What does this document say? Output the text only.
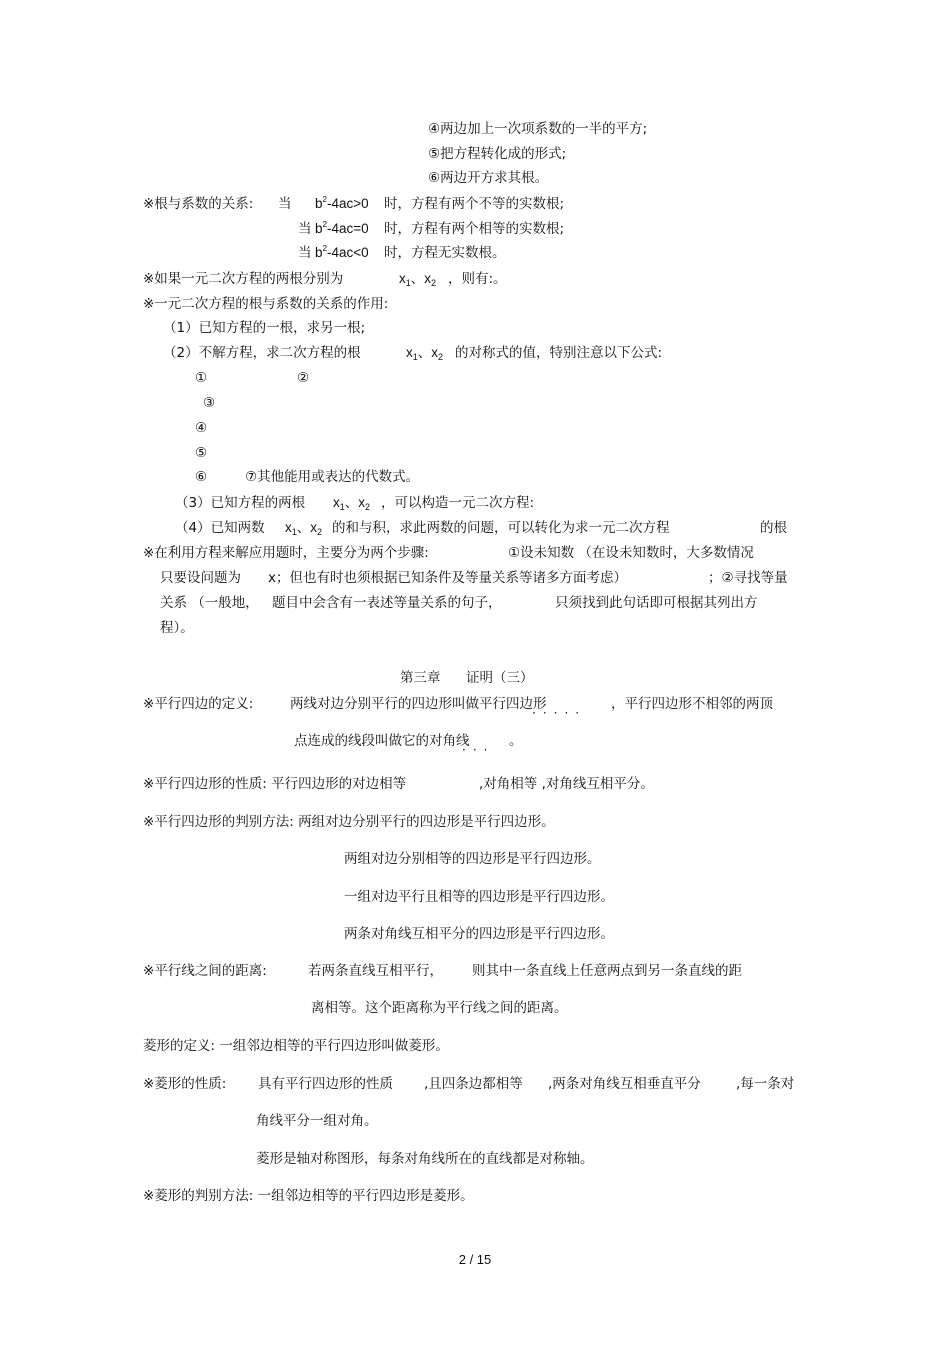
④两边加上一次项系数的一半的平方;
⑤把方程转化成的形式;
⑥两边开方求其根。
※根与系数的关系: 当 $b^2-4ac>0$ 时，方程有两个不等的实数根;
当 $b^2-4ac=0$ 时，方程有两个相等的实数根;
当 $b^2-4ac<0$ 时，方程无实数根。
※如果一元二次方程的两根分别为	$x_1$、$x_2$ ，则有:。
※一元二次方程的根与系数的关系的作用:
（1）已知方程的一根，求另一根;
（2）不解方程，求二次方程的根	$x_1$、$x_2$ 的对称式的值，特别注意以下公式:
①	②
③
④
⑤
⑥	⑦其他能用或表达的代数式。
（3）已知方程的两根 $x_1$、$x_2$ ，可以构造一元二次方程:
（4）已知两数 $x_1$、$x_2$ 的和与积，求此两数的问题，可以转化为求一元二次方程	的根
※在利用方程来解应用题时，主要分为两个步骤:	①设未知数 （在设未知数时，大多数情况
只要设问题为 x；但也有时也须根据已知条件及等量关系等诸多方面考虑）	；②寻找等量
关系 （一般地， 题目中会含有一表述等量关系的句子，	只须找到此句话即可根据其列出方
程）。
第三章 证明（三）
※平行四边的定义:	两线对边分别平行的四边形叫做平行四边形
·····
，平行四边形不相邻的两顶
点连成的线段叫做它的对角线
···
。
※平行四边形的性质: 平行四边形的对边相等	,对角相等 ,对角线互相平分。
※平行四边形的判别方法: 两组对边分别平行的四边形是平行四边形。
两组对边分别相等的四边形是平行四边形。
一组对边平行且相等的四边形是平行四边形。
两条对角线互相平分的四边形是平行四边形。
※平行线之间的距离:	若两条直线互相平行， 则其中一条直线上任意两点到另一条直线的距
离相等。这个距离称为平行线之间的距离。
菱形的定义: 一组邻边相等的平行四边形叫做菱形。
※菱形的性质: 具有平行四边形的性质 ,且四条边都相等 ,两条对角线互相垂直平分	,每一条对
角线平分一组对角。
菱形是轴对称图形，每条对角线所在的直线都是对称轴。
※菱形的判别方法: 一组邻边相等的平行四边形是菱形。
2 / 15
